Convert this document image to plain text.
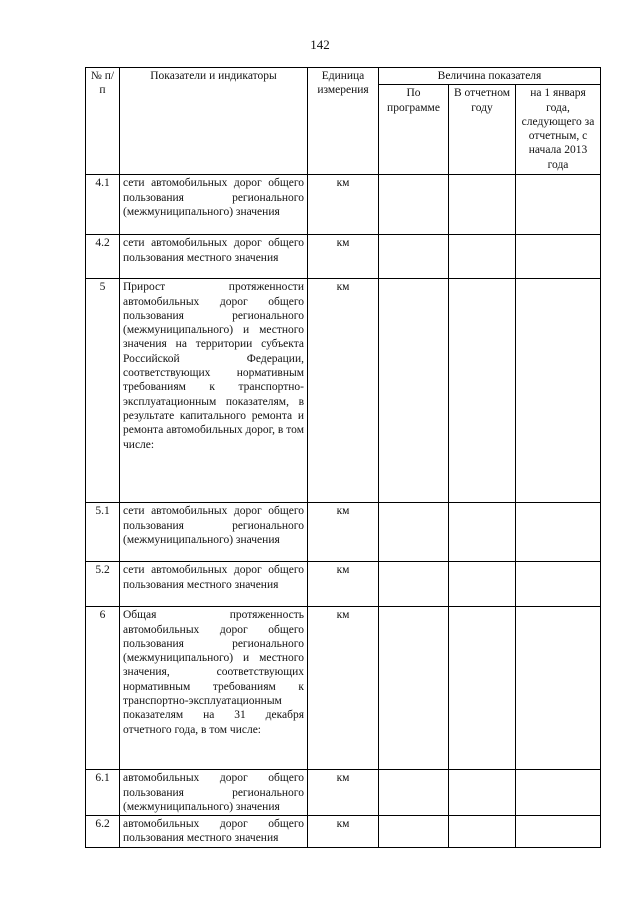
142
№ п/п	Показатели и индикаторы	Единица измерения	Величина показателя		
			По программе	В отчетном году	на 1 января года, следующего за отчетным, с начала 2013 года
4.1	сети автомобильных дорог общего пользования регионального (межмуниципального) значения	км			
4.2	сети автомобильных дорог общего пользования местного значения	км			
5	Прирост протяженности автомобильных дорог общего пользования регионального (межмуниципального) и местного значения на территории субъекта Российской Федерации, соответствующих нормативным требованиям к транспортно-эксплуатационным показателям, в результате капитального ремонта и ремонта автомобильных дорог, в том числе:	км			
5.1	сети автомобильных дорог общего пользования регионального (межмуниципального) значения	км			
5.2	сети автомобильных дорог общего пользования местного значения	км			
6	Общая протяженность автомобильных дорог общего пользования регионального (межмуниципального) и местного значения, соответствующих нормативным требованиям к транспортно-эксплуатационным показателям на 31 декабря отчетного года, в том числе:	км			
6.1	автомобильных дорог общего пользования регионального (межмуниципального) значения	км			
6.2	автомобильных дорог общего пользования местного значения	км			
